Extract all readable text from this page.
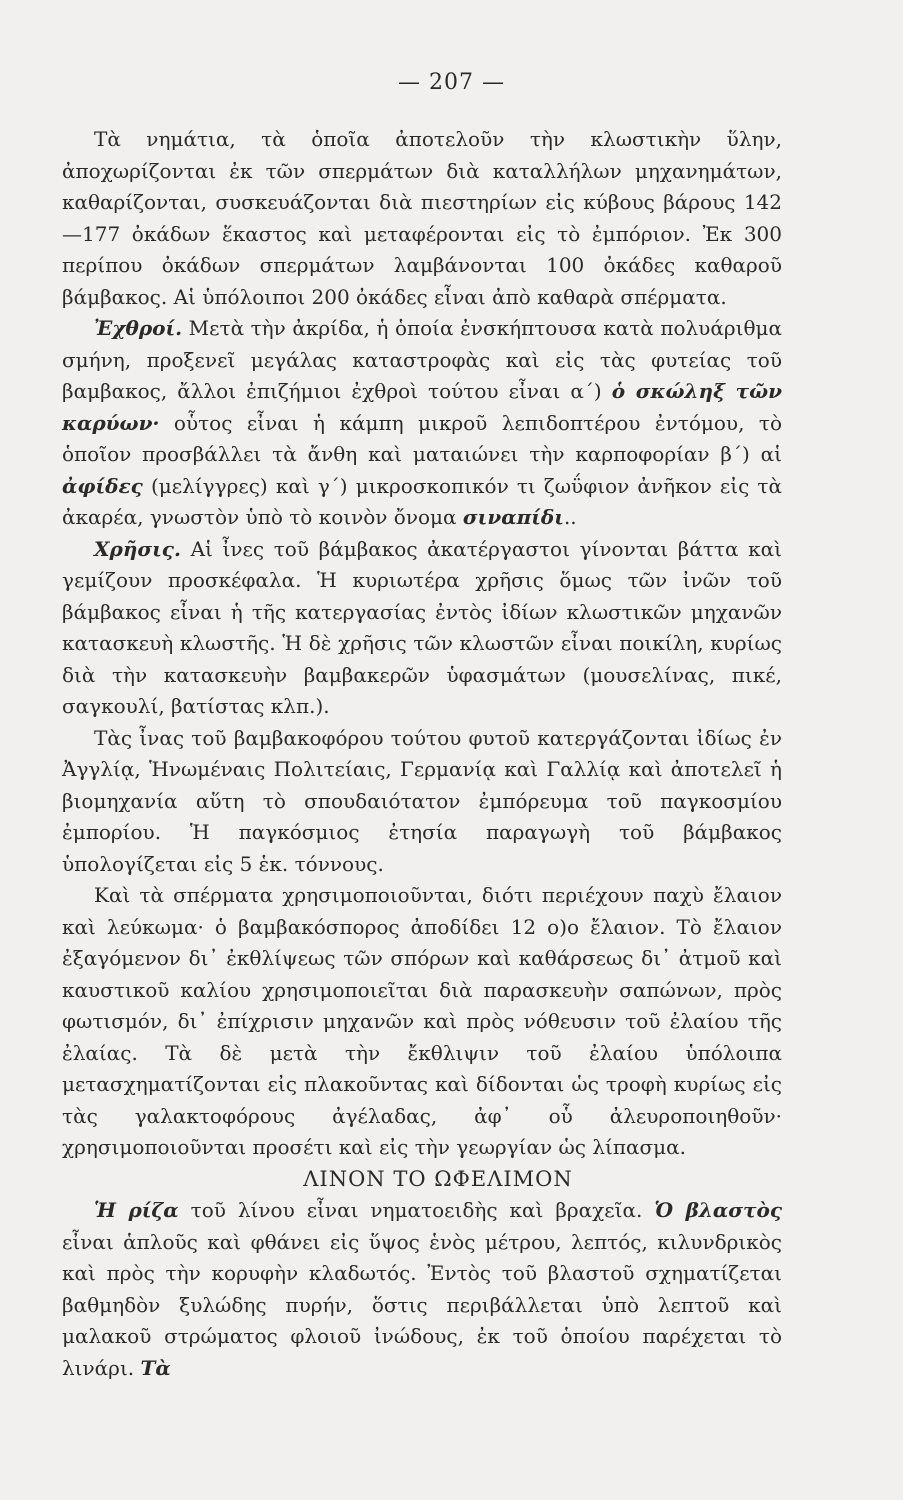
— 207 —

Τὰ νημάτια, τὰ ὁποῖα ἀποτελοῦν τὴν κλωστικὴν ὕλην, ἀποχωρίζονται ἐκ τῶν σπερμάτων διὰ καταλλήλων μηχανημάτων, καθαρίζονται, συσκευάζονται διὰ πιεστηρίων εἰς κύβους βάρους 142—177 ὀκάδων ἕκαστος καὶ μεταφέρονται εἰς τὸ ἐμπόριον. Ἐκ 300 περίπου ὀκάδων σπερμάτων λαμβάνονται 100 ὀκάδες καθαροῦ βάμβακος. Αἱ ὑπόλοιποι 200 ὀκάδες εἶναι ἀπὸ καθαρὰ σπέρματα.

Ἐχθροί. Μετὰ τὴν ἀκρίδα, ἡ ὁποία ἐνσκήπτουσα κατὰ πολυάριθμα σμήνη, προξενεῖ μεγάλας καταστροφὰς καὶ εἰς τὰς φυτείας τοῦ βαμβακος, ἄλλοι ἐπιζήμιοι ἐχθροὶ τούτου εἶναι α΄) ὁ σκώληξ τῶν καρύων· οὗτος εἶναι ἡ κάμπη μικροῦ λεπιδοπτέρου ἐντόμου, τὸ ὁποῖον προσβάλλει τὰ ἄνθη καὶ ματαιώνει τὴν καρποφορίαν β΄) αἱ ἀφίδες (μελίγγρες) καὶ γ΄) μικροσκοπικόν τι ζωΰφιον ἀνῆκον εἰς τὰ ἀκαρέα, γνωστὸν ὑπὸ τὸ κοινὸν ὄνομα σιναπίδι..

Χρῆσις. Αἱ ἶνες τοῦ βάμβακος ἀκατέργαστοι γίνονται βάττα καὶ γεμίζουν προσκέφαλα. Ἡ κυριωτέρα χρῆσις ὅμως τῶν ἰνῶν τοῦ βάμβακος εἶναι ἡ τῆς κατεργασίας ἐντὸς ἰδίων κλωστικῶν μηχανῶν κατασκευὴ κλωστῆς. Ἡ δὲ χρῆσις τῶν κλωστῶν εἶναι ποικίλη, κυρίως διὰ τὴν κατασκευὴν βαμβακερῶν ὑφασμάτων (μουσελίνας, πικέ, σαγκουλί, βατίστας κλπ.).

Τὰς ἶνας τοῦ βαμβακοφόρου τούτου φυτοῦ κατεργάζονται ἰδίως ἐν Ἀγγλίᾳ, Ἡνωμέναις Πολιτείαις, Γερμανίᾳ καὶ Γαλλίᾳ καὶ ἀποτελεῖ ἡ βιομηχανία αὕτη τὸ σπουδαιότατον ἐμπόρευμα τοῦ παγκοσμίου ἐμπορίου. Ἡ παγκόσμιος ἐτησία παραγωγὴ τοῦ βάμβακος ὑπολογίζεται εἰς 5 ἑκ. τόννους.

Καὶ τὰ σπέρματα χρησιμοποιοῦνται, διότι περιέχουν παχὺ ἔλαιον καὶ λεύκωμα· ὁ βαμβακόσπορος ἀποδίδει 12 ο)ο ἔλαιον. Τὸ ἔλαιον ἐξαγόμενον δι᾽ ἐκθλίψεως τῶν σπόρων καὶ καθάρσεως δι᾽ ἀτμοῦ καὶ καυστικοῦ καλίου χρησιμοποιεῖται διὰ παρασκευὴν σαπώνων, πρὸς φωτισμόν, δι᾽ ἐπίχρισιν μηχανῶν καὶ πρὸς νόθευσιν τοῦ ἐλαίου τῆς ἐλαίας. Τὰ δὲ μετὰ τὴν ἔκθλιψιν τοῦ ἐλαίου ὑπόλοιπα μετασχηματίζονται εἰς πλακοῦντας καὶ δίδονται ὡς τροφὴ κυρίως εἰς τὰς γαλακτοφόρους ἀγέλαδας, ἀφ᾽ οὗ ἀλευροποιηθοῦν· χρησιμοποιοῦνται προσέτι καὶ εἰς τὴν γεωργίαν ὡς λίπασμα.

ΛΙΝΟΝ ΤΟ ΩΦΕΛΙΜΟΝ

Ἡ ρίζα τοῦ λίνου εἶναι νηματοειδὴς καὶ βραχεῖα. Ὁ βλαστὸς εἶναι ἁπλοῦς καὶ φθάνει εἰς ὕψος ἑνὸς μέτρου, λεπτός, κιλυνδρικὸς καὶ πρὸς τὴν κορυφὴν κλαδωτός. Ἐντὸς τοῦ βλαστοῦ σχηματίζεται βαθμηδὸν ξυλώδης πυρήν, ὅστις περιβάλλεται ὑπὸ λεπτοῦ καὶ μαλακοῦ στρώματος φλοιοῦ ἰνώδους, ἐκ τοῦ ὁποίου παρέχεται τὸ λινάρι. Τὰ
